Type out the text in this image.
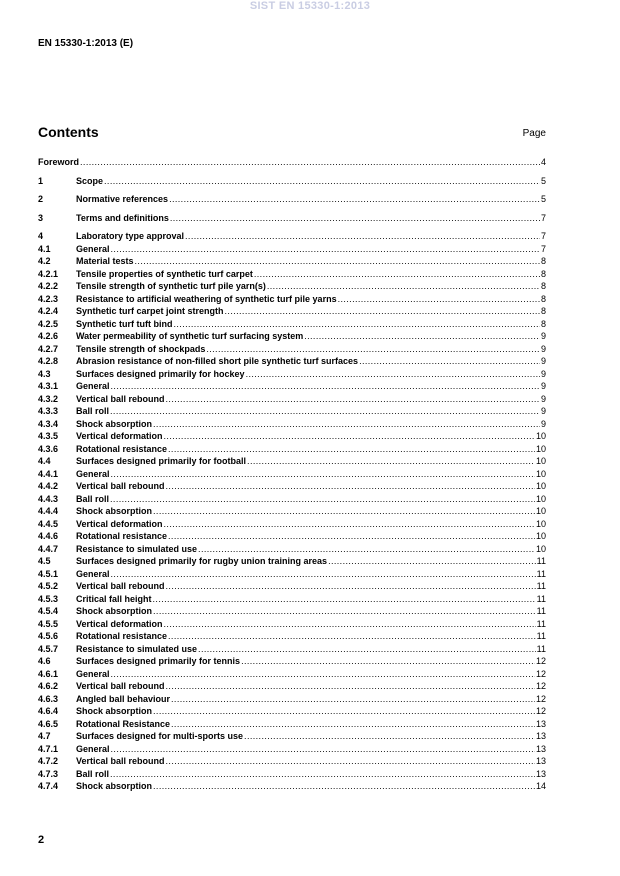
SIST EN 15330-1:2013
EN 15330-1:2013 (E)
Contents	Page
Foreword .....	4
1	Scope .....	5
2	Normative references .....	5
3	Terms and definitions .....	7
4	Laboratory type approval .....	7
4.1	General .....	7
4.2	Material tests .....	8
4.2.1	Tensile properties of synthetic turf carpet .....	8
4.2.2	Tensile strength of synthetic turf pile yarn(s) .....	8
4.2.3	Resistance to artificial weathering of synthetic turf pile yarns .....	8
4.2.4	Synthetic turf carpet joint strength .....	8
4.2.5	Synthetic turf tuft bind .....	8
4.2.6	Water permeability of synthetic turf surfacing system .....	9
4.2.7	Tensile strength of shockpads .....	9
4.2.8	Abrasion resistance of non-filled short pile synthetic turf surfaces .....	9
4.3	Surfaces designed primarily for hockey .....	9
4.3.1	General .....	9
4.3.2	Vertical ball rebound .....	9
4.3.3	Ball roll .....	9
4.3.4	Shock absorption .....	9
4.3.5	Vertical deformation .....	10
4.3.6	Rotational resistance .....	10
4.4	Surfaces designed primarily for football .....	10
4.4.1	General .....	10
4.4.2	Vertical ball rebound .....	10
4.4.3	Ball roll .....	10
4.4.4	Shock absorption .....	10
4.4.5	Vertical deformation .....	10
4.4.6	Rotational resistance .....	10
4.4.7	Resistance to simulated use .....	10
4.5	Surfaces designed primarily for rugby union training areas .....	11
4.5.1	General .....	11
4.5.2	Vertical ball rebound .....	11
4.5.3	Critical fall height .....	11
4.5.4	Shock absorption .....	11
4.5.5	Vertical deformation .....	11
4.5.6	Rotational resistance .....	11
4.5.7	Resistance to simulated use .....	11
4.6	Surfaces designed primarily for tennis .....	12
4.6.1	General .....	12
4.6.2	Vertical ball rebound .....	12
4.6.3	Angled ball behaviour .....	12
4.6.4	Shock absorption .....	12
4.6.5	Rotational Resistance .....	13
4.7	Surfaces designed for multi-sports use .....	13
4.7.1	General .....	13
4.7.2	Vertical ball rebound .....	13
4.7.3	Ball roll .....	13
4.7.4	Shock absorption .....	14
2
